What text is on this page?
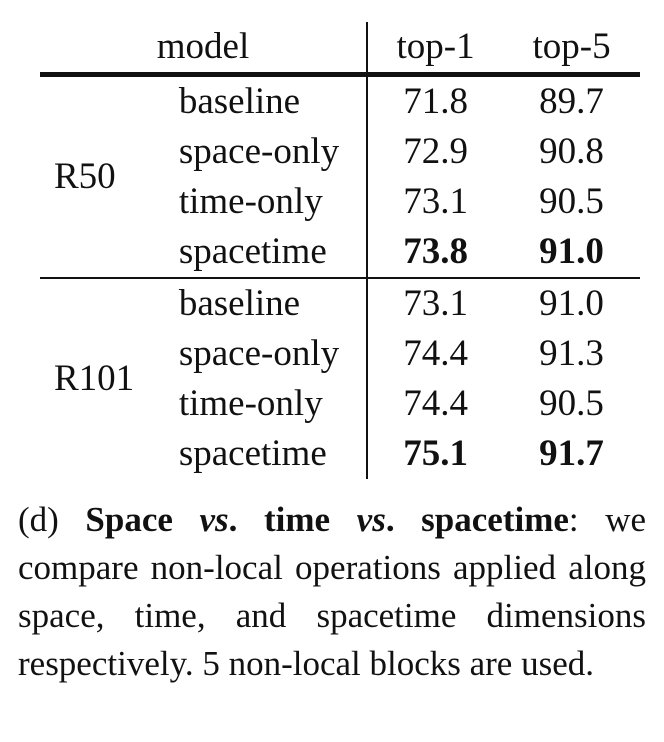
model		top-1	top-5
R50	baseline	71.8	89.7
	space-only	72.9	90.8
	time-only	73.1	90.5
	spacetime	73.8	91.0
R101	baseline	73.1	91.0
	space-only	74.4	91.3
	time-only	74.4	90.5
	spacetime	75.1	91.7

(d) Space vs. time vs. spacetime: we compare non-local operations applied along space, time, and spacetime dimensions respectively. 5 non-local blocks are used.
